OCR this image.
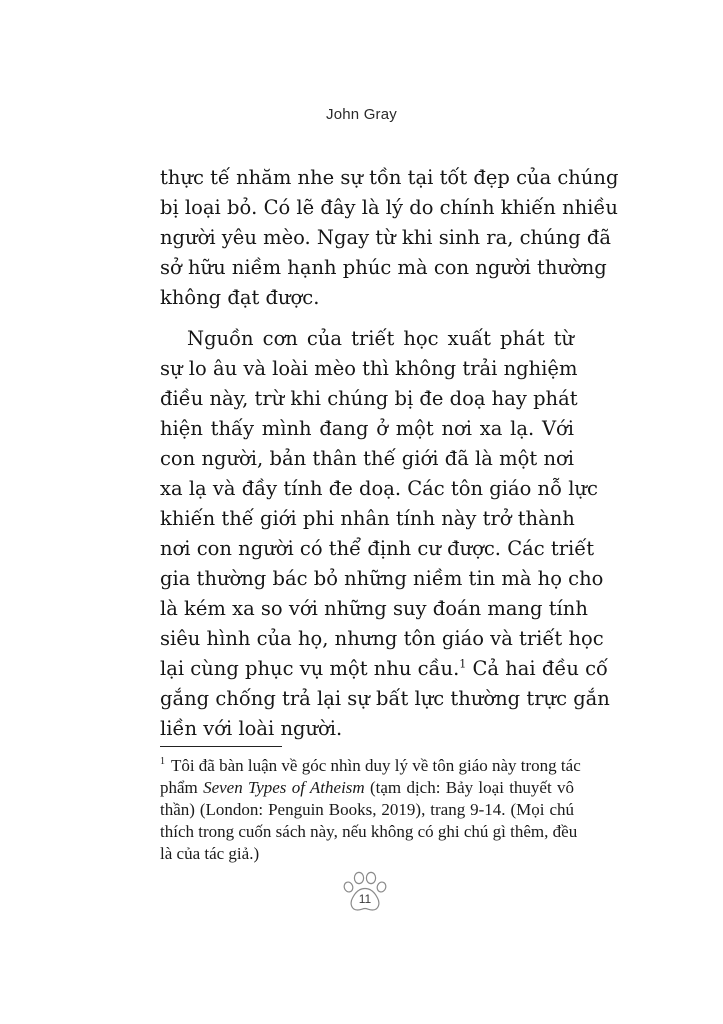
John Gray

thực tế nhăm nhe sự tồn tại tốt đẹp của chúng
bị loại bỏ. Có lẽ đây là lý do chính khiến nhiều
người yêu mèo. Ngay từ khi sinh ra, chúng đã
sở hữu niềm hạnh phúc mà con người thường
không đạt được.

Nguồn cơn của triết học xuất phát từ
sự lo âu và loài mèo thì không trải nghiệm
điều này, trừ khi chúng bị đe doạ hay phát
hiện thấy mình đang ở một nơi xa lạ. Với
con người, bản thân thế giới đã là một nơi
xa lạ và đầy tính đe doạ. Các tôn giáo nỗ lực
khiến thế giới phi nhân tính này trở thành
nơi con người có thể định cư được. Các triết
gia thường bác bỏ những niềm tin mà họ cho
là kém xa so với những suy đoán mang tính
siêu hình của họ, nhưng tôn giáo và triết học
lại cùng phục vụ một nhu cầu.$^1$ Cả hai đều cố
gắng chống trả lại sự bất lực thường trực gắn
liền với loài người.

$^1$ Tôi đã bàn luận về góc nhìn duy lý về tôn giáo này trong tác
phẩm Seven Types of Atheism (tạm dịch: Bảy loại thuyết vô
thần) (London: Penguin Books, 2019), trang 9-14. (Mọi chú
thích trong cuốn sách này, nếu không có ghi chú gì thêm, đều
là của tác giả.)
11
